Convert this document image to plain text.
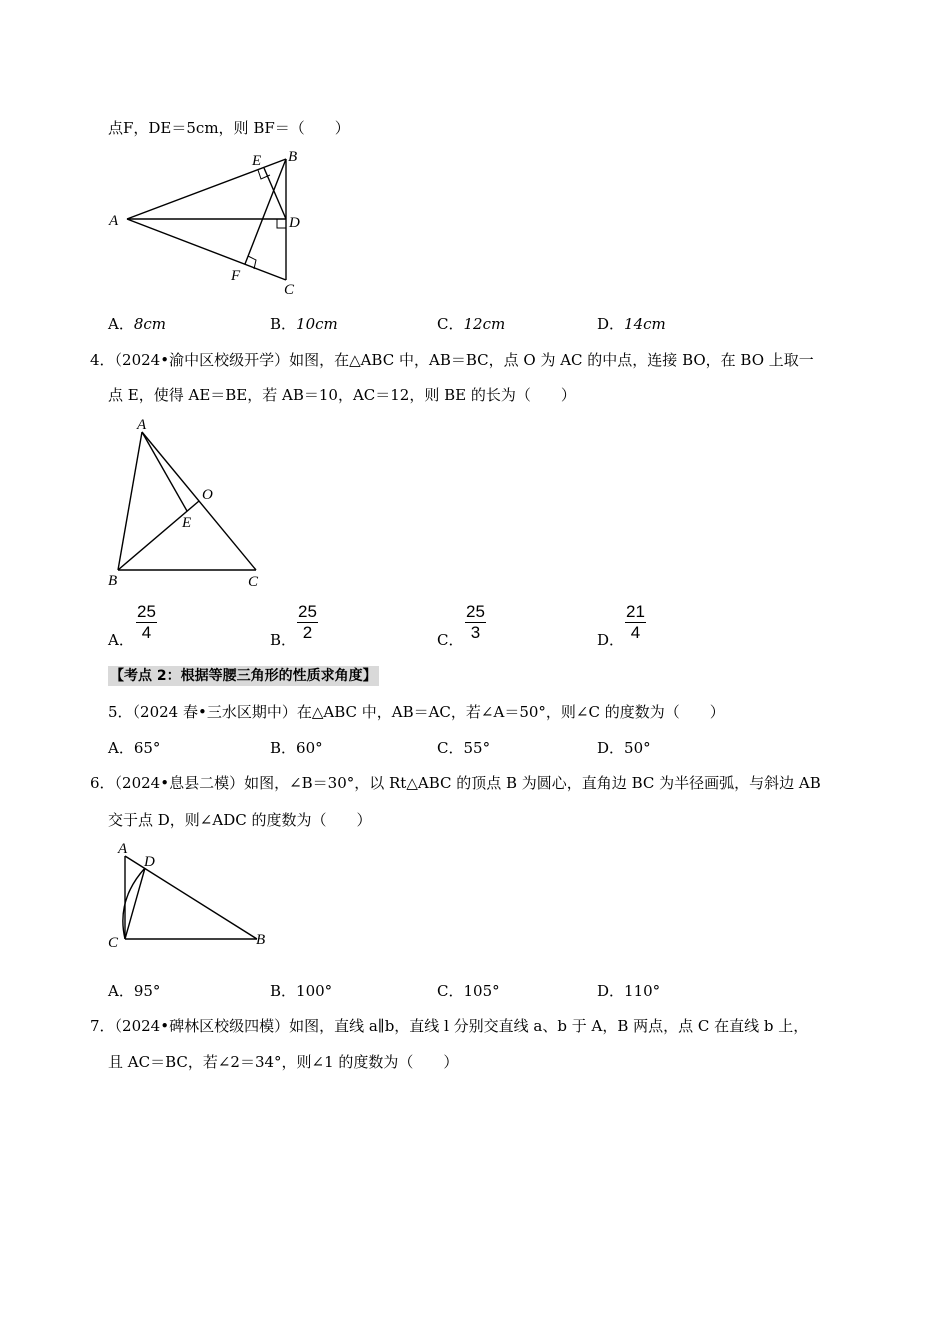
点F，DE＝5cm，则 BF＝（　　）
A
B
E
D
F
C
A．8cm	B．10cm	C．12cm	D．14cm
4．（2024•渝中区校级开学）如图，在△ABC 中，AB＝BC，点 O 为 AC 的中点，连接 BO，在 BO 上取一
点 E，使得 AE＝BE，若 AB＝10，AC＝12，则 BE 的长为（　　）
A
O
E
B	C
A． $\frac{25}{4}$	B． $\frac{25}{2}$	C． $\frac{25}{3}$	D． $\frac{21}{4}$
【考点 2：根据等腰三角形的性质求角度】
5．（2024 春•三水区期中）在△ABC 中，AB＝AC，若∠A＝50°，则∠C 的度数为（　　）
A．65°	B．60°	C．55°	D．50°
6．（2024•息县二模）如图，∠B＝30°，以 Rt△ABC 的顶点 B 为圆心，直角边 BC 为半径画弧，与斜边 AB
交于点 D，则∠ADC 的度数为（　　）
A
D
C	B
A．95°	B．100°	C．105°	D．110°
7．（2024•碑林区校级四模）如图，直线 a∥b，直线 l 分别交直线 a、b 于 A，B 两点，点 C 在直线 b 上，
且 AC＝BC，若∠2＝34°，则∠1 的度数为（　　）
